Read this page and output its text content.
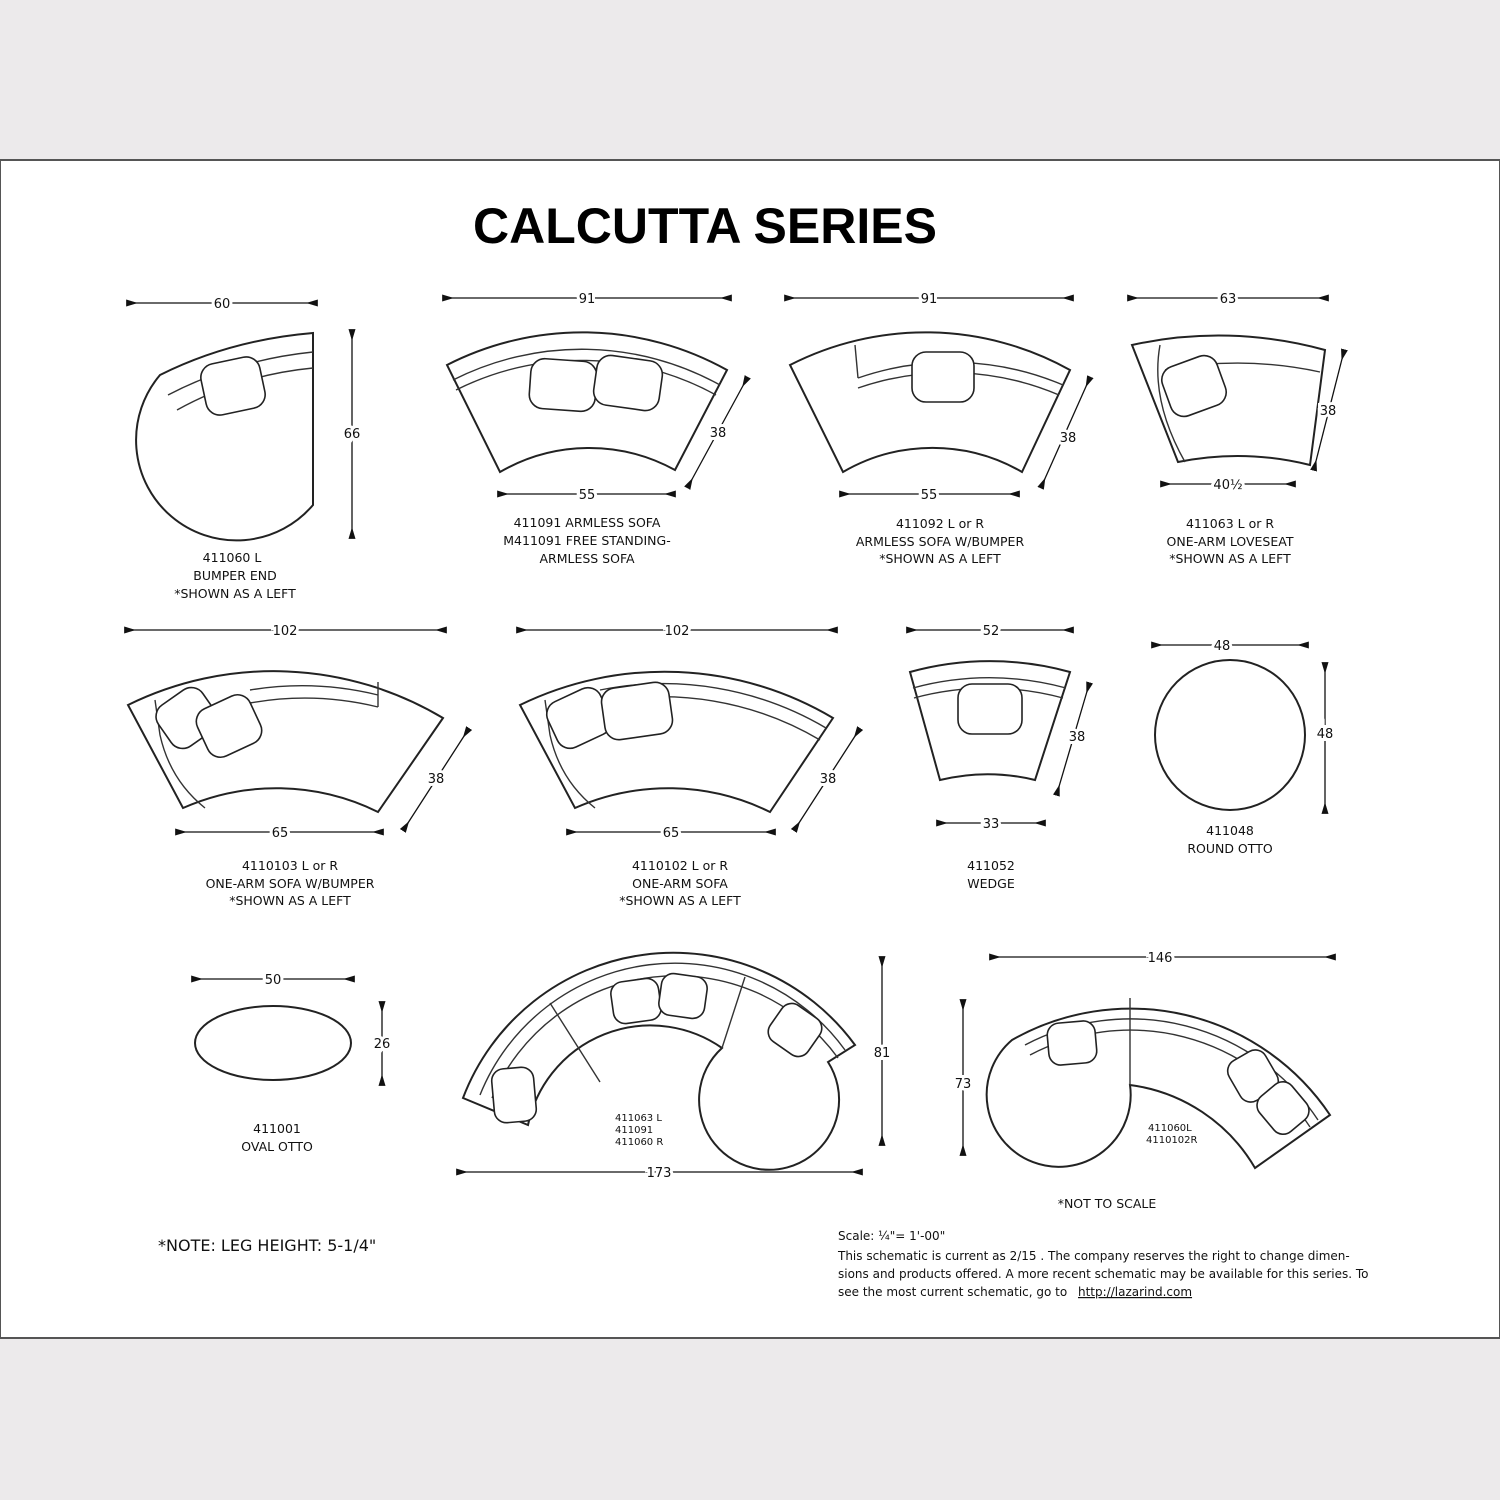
CALCUTTA SERIES
60
66
411060 L
BUMPER END
*SHOWN AS A LEFT
91
38
55
411091 ARMLESS SOFA
M411091 FREE STANDING-
ARMLESS SOFA
91
38
55
411092 L or R
ARMLESS SOFA W/BUMPER
*SHOWN AS A LEFT
63
38
40½
411063 L or R
ONE-ARM LOVESEAT
*SHOWN AS A LEFT
102
38
65
4110103 L or R
ONE-ARM SOFA W/BUMPER
*SHOWN AS A LEFT
102
38
65
4110102 L or R
ONE-ARM SOFA
*SHOWN AS A LEFT
52
38
33
411052
WEDGE
48
48
411048
ROUND OTTO
50
26
411001
OVAL OTTO
81
173
411063 L
411091
411060 R
146
73
411060L
4110102R
*NOT TO SCALE
*NOTE: LEG HEIGHT: 5-1/4"	Scale: ¼"= 1'-00"
This schematic is current as 2/15 . The company reserves the right to change dimen-
sions and products offered. A more recent schematic may be available for this series. To
see the most current schematic, go to http://lazarind.com
